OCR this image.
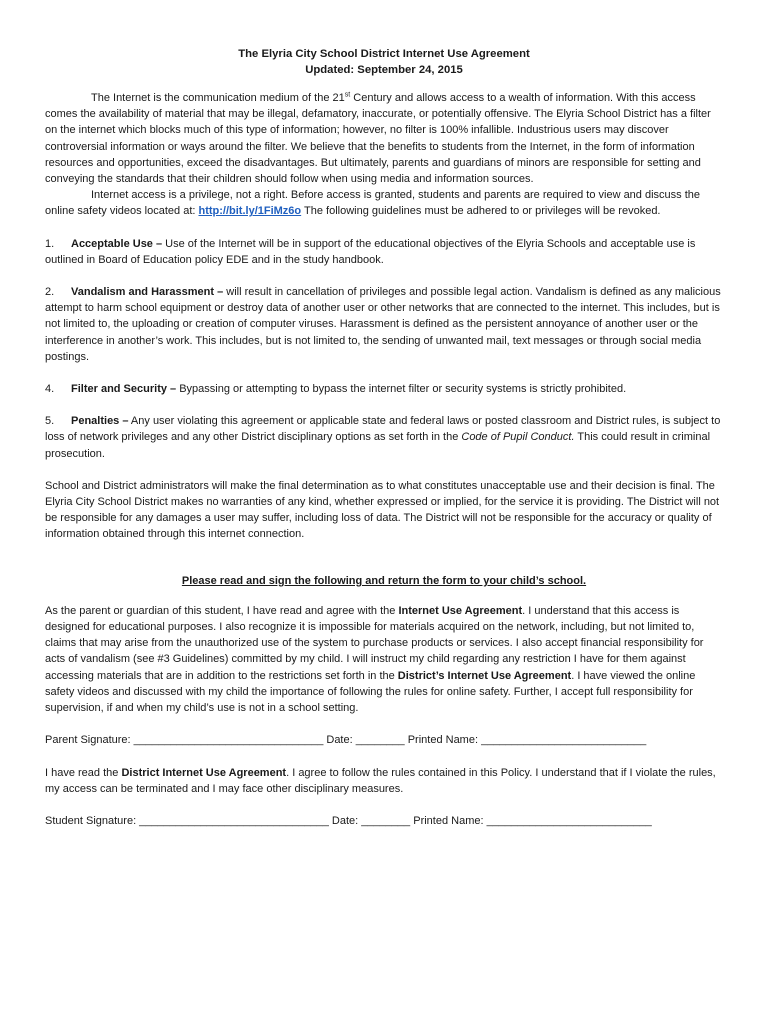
The Elyria City School District Internet Use Agreement
Updated: September 24, 2015

The Internet is the communication medium of the 21st Century and allows access to a wealth of information. With this access comes the availability of material that may be illegal, defamatory, inaccurate, or potentially offensive. The Elyria School District has a filter on the internet which blocks much of this type of information; however, no filter is 100% infallible. Industrious users may discover controversial information or ways around the filter. We believe that the benefits to students from the Internet, in the form of information resources and opportunities, exceed the disadvantages. But ultimately, parents and guardians of minors are responsible for setting and conveying the standards that their children should follow when using media and information sources.

Internet access is a privilege, not a right. Before access is granted, students and parents are required to view and discuss the online safety videos located at: http://bit.ly/1FiMz6o The following guidelines must be adhered to or privileges will be revoked.

1. Acceptable Use – Use of the Internet will be in support of the educational objectives of the Elyria Schools and acceptable use is outlined in Board of Education policy EDE and in the study handbook.

2. Vandalism and Harassment – will result in cancellation of privileges and possible legal action. Vandalism is defined as any malicious attempt to harm school equipment or destroy data of another user or other networks that are connected to the internet. This includes, but is not limited to, the uploading or creation of computer viruses. Harassment is defined as the persistent annoyance of another user or the interference in another’s work. This includes, but is not limited to, the sending of unwanted mail, text messages or through social media postings.

4. Filter and Security – Bypassing or attempting to bypass the internet filter or security systems is strictly prohibited.

5. Penalties – Any user violating this agreement or applicable state and federal laws or posted classroom and District rules, is subject to loss of network privileges and any other District disciplinary options as set forth in the Code of Pupil Conduct. This could result in criminal prosecution.

School and District administrators will make the final determination as to what constitutes unacceptable use and their decision is final. The Elyria City School District makes no warranties of any kind, whether expressed or implied, for the service it is providing. The District will not be responsible for any damages a user may suffer, including loss of data. The District will not be responsible for the accuracy or quality of information obtained through this internet connection.

Please read and sign the following and return the form to your child’s school.

As the parent or guardian of this student, I have read and agree with the Internet Use Agreement. I understand that this access is designed for educational purposes. I also recognize it is impossible for materials acquired on the network, including, but not limited to, claims that may arise from the unauthorized use of the system to purchase products or services. I also accept financial responsibility for acts of vandalism (see #3 Guidelines) committed by my child. I will instruct my child regarding any restriction I have for them against accessing materials that are in addition to the restrictions set forth in the District’s Internet Use Agreement. I have viewed the online safety videos and discussed with my child the importance of following the rules for online safety. Further, I accept full responsibility for supervision, if and when my child’s use is not in a school setting.

Parent Signature: _______________________________ Date: ________ Printed Name: ___________________________

I have read the District Internet Use Agreement. I agree to follow the rules contained in this Policy. I understand that if I violate the rules, my access can be terminated and I may face other disciplinary measures.

Student Signature: _______________________________ Date: ________ Printed Name: ___________________________
